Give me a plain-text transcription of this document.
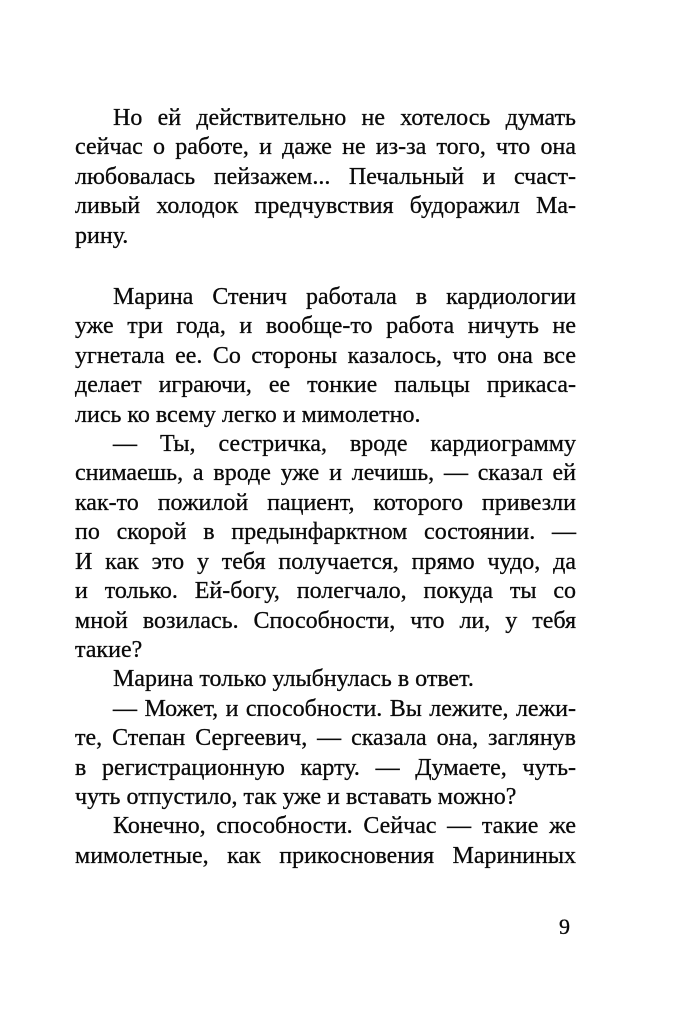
Но ей действительно не хотелось думать
сейчас о работе, и даже не из-за того, что она
любовалась пейзажем... Печальный и счаст-
ливый холодок предчувствия будоражил Ма-
рину.
Марина Стенич работала в кардиологии
уже три года, и вообще-то работа ничуть не
угнетала ее. Со стороны казалось, что она все
делает играючи, ее тонкие пальцы прикаса-
лись ко всему легко и мимолетно.
— Ты, сестричка, вроде кардиограмму
снимаешь, а вроде уже и лечишь, — сказал ей
как-то пожилой пациент, которого привезли
по скорой в предынфарктном состоянии. —
И как это у тебя получается, прямо чудо, да
и только. Ей-богу, полегчало, покуда ты со
мной возилась. Способности, что ли, у тебя
такие?
Марина только улыбнулась в ответ.
— Может, и способности. Вы лежите, лежи-
те, Степан Сергеевич, — сказала она, заглянув
в регистрационную карту. — Думаете, чуть-
чуть отпустило, так уже и вставать можно?
Конечно, способности. Сейчас — такие же
мимолетные, как прикосновения Марининых
9
